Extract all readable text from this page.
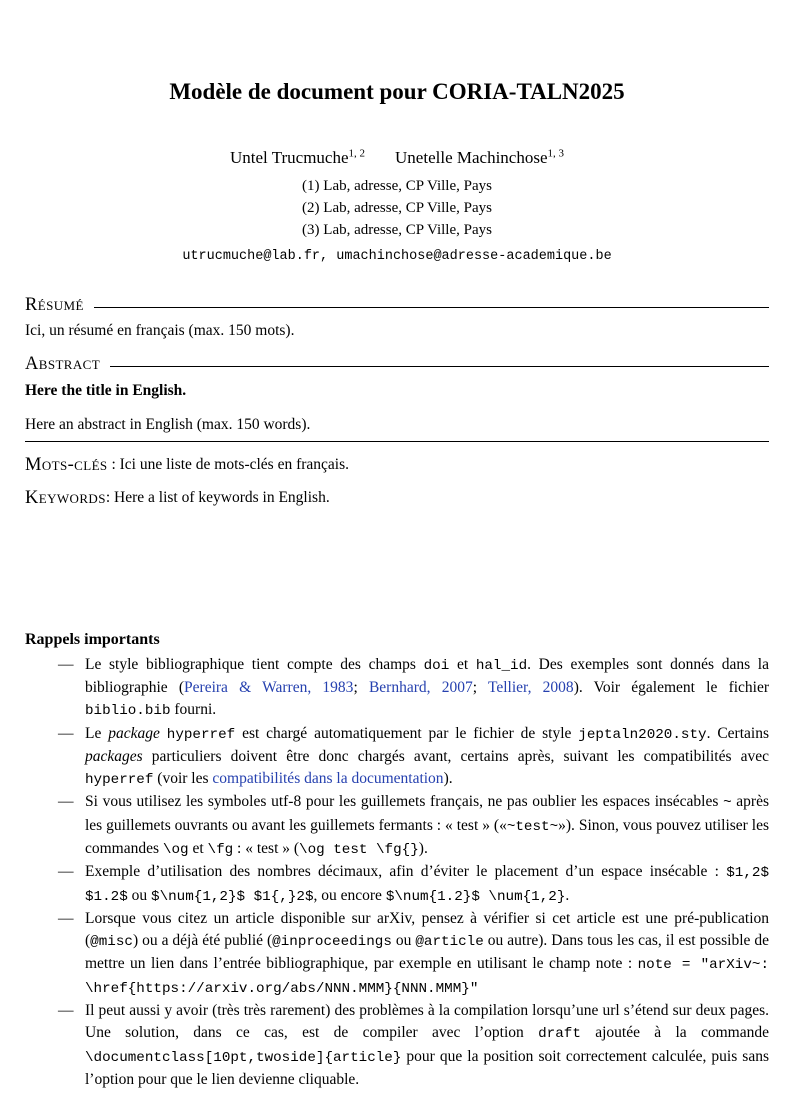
Modèle de document pour CORIA-TALN2025
Untel Trucmuche$^{1, 2}$ Unetelle Machinchose$^{1, 3}$
(1) Lab, adresse, CP Ville, Pays
(2) Lab, adresse, CP Ville, Pays
(3) Lab, adresse, CP Ville, Pays
utrucmuche@lab.fr, umachinchose@adresse-academique.be
Résumé

Ici, un résumé en français (max. 150 mots).

Abstract

Here the title in English.

Here an abstract in English (max. 150 words).

Mots-clés : Ici une liste de mots-clés en français.

Keywords: Here a list of keywords in English.

Rappels importants
— Le style bibliographique tient compte des champs doi et hal_id. Des exemples sont donnés dans la bibliographie (Pereira & Warren, 1983; Bernhard, 2007; Tellier, 2008). Voir également le fichier biblio.bib fourni.
— Le package hyperref est chargé automatiquement par le fichier de style jeptaln2020.sty. Certains packages particuliers doivent être donc chargés avant, certains après, suivant les compatibilités avec hyperref (voir les compatibilités dans la documentation).
— Si vous utilisez les symboles utf-8 pour les guillemets français, ne pas oublier les espaces insécables ~ après les guillemets ouvrants ou avant les guillemets fermants : « test » («~test~»). Sinon, vous pouvez utiliser les commandes \og et \fg : « test » (\og test \fg{}).
— Exemple d’utilisation des nombres décimaux, afin d’éviter le placement d’un espace insécable : $1,2$ $1.2$ ou $\num{1,2}$ $1{,}2$, ou encore $\num{1.2}$ \num{1,2}.
— Lorsque vous citez un article disponible sur arXiv, pensez à vérifier si cet article est une pré-publication (@misc) ou a déjà été publié (@inproceedings ou @article ou autre). Dans tous les cas, il est possible de mettre un lien dans l’entrée bibliographique, par exemple en utilisant le champ note : note = "arXiv~: \href{https://arxiv.org/abs/NNN.MMM}{NNN.MMM}"
— Il peut aussi y avoir (très très rarement) des problèmes à la compilation lorsqu’une url s’étend sur deux pages. Une solution, dans ce cas, est de compiler avec l’option draft ajoutée à la commande \documentclass[10pt,twoside]{article} pour que la position soit correctement calculée, puis sans l’option pour que le lien devienne cliquable.
